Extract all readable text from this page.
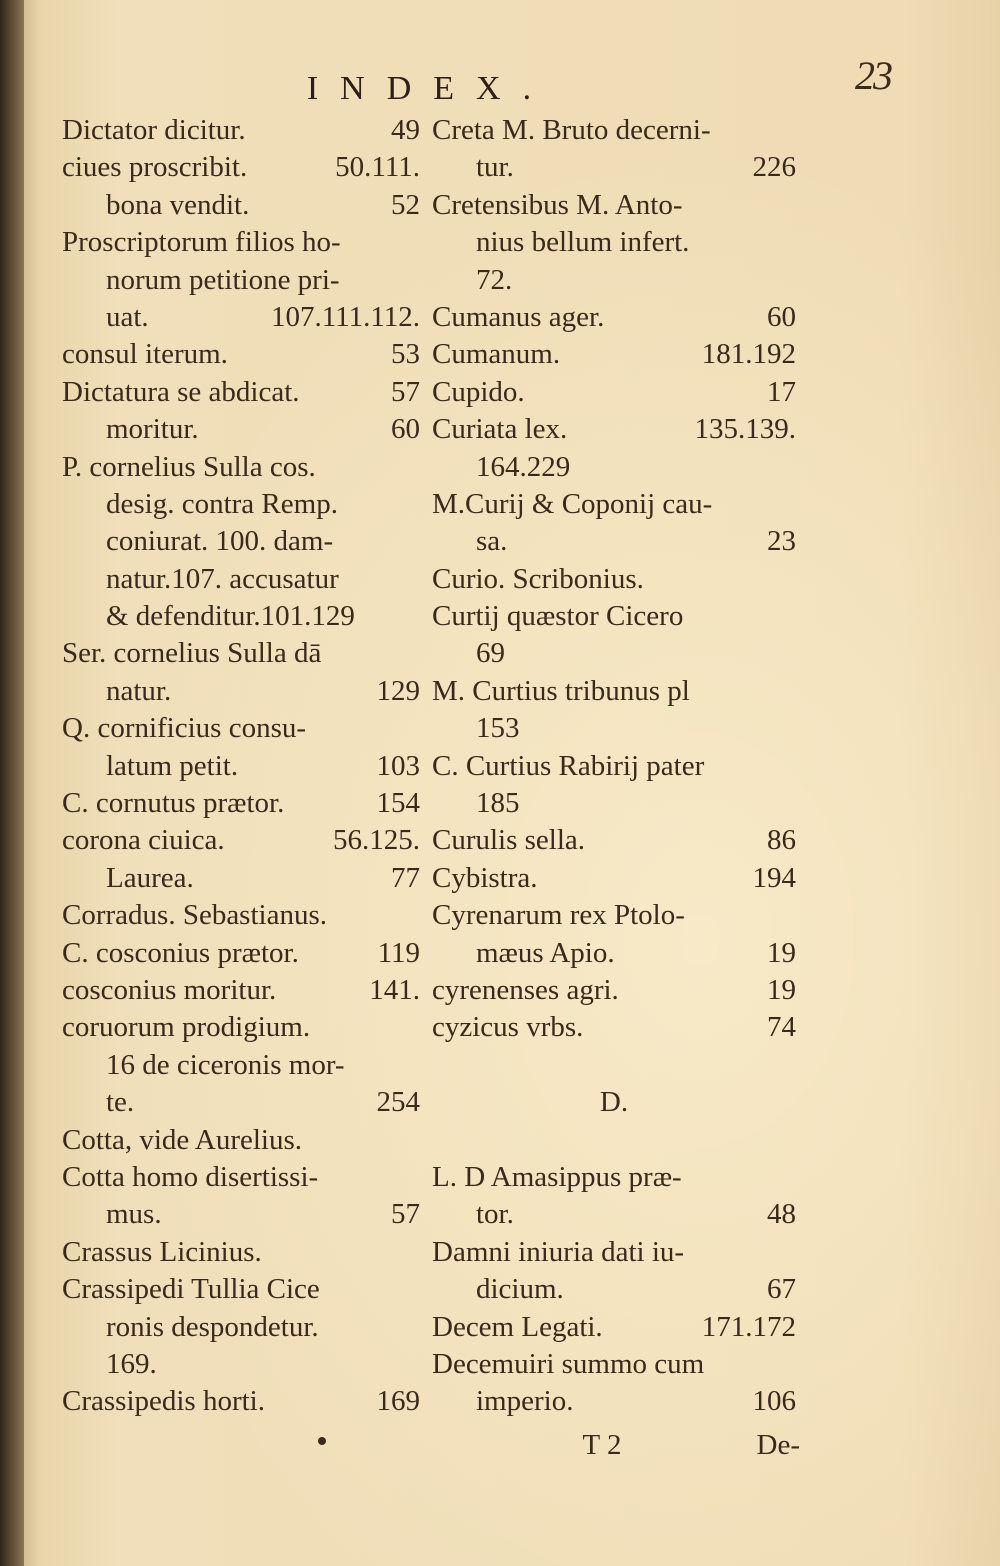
23
INDEX.
Dictator dicitur.	49
ciues proscribit.	50.111.
bona vendit.	52
Proscriptorum filios ho-
norum petitione pri-
uat.	107.111.112.
consul iterum.	53
Dictatura se abdicat.	57
moritur.	60
P. cornelius Sulla cos.
desig. contra Remp.
coniurat. 100. dam-
natur.107. accusatur
& defenditur.101.129
Ser. cornelius Sulla dā
natur.	129
Q. cornificius consu-
latum petit.	103
C. cornutus prætor.	154
corona ciuica.	56.125.
Laurea.	77
Corradus. Sebastianus.
C. cosconius prætor.	119
cosconius moritur.	141.
coruorum prodigium.
16 de ciceronis mor-
te.	254
Cotta, vide Aurelius.
Cotta homo disertissi-
mus.	57
Crassus Licinius.
Crassipedi Tullia Cice
ronis despondetur.
169.
Crassipedis horti.	169
Creta M. Bruto decerni-
tur.	226
Cretensibus M. Anto-
nius bellum infert.
72.
Cumanus ager.	60
Cumanum.	181.192
Cupido.	17
Curiata lex.	135.139.
164.229
M.Curij & Coponij cau-
sa.	23
Curio. Scribonius.
Curtij quæstor Cicero
69
M. Curtius tribunus pl
153
C. Curtius Rabirij pater
185
Curulis sella.	86
Cybistra.	194
Cyrenarum rex Ptolo-
mæus Apio.	19
cyrenenses agri.	19
cyzicus vrbs.	74
D.
L. D Amasippus præ-
tor.	48
Damni iniuria dati iu-
dicium.	67
Decem Legati.	171.172
Decemuiri summo cum
imperio.	106
T 2	De-
